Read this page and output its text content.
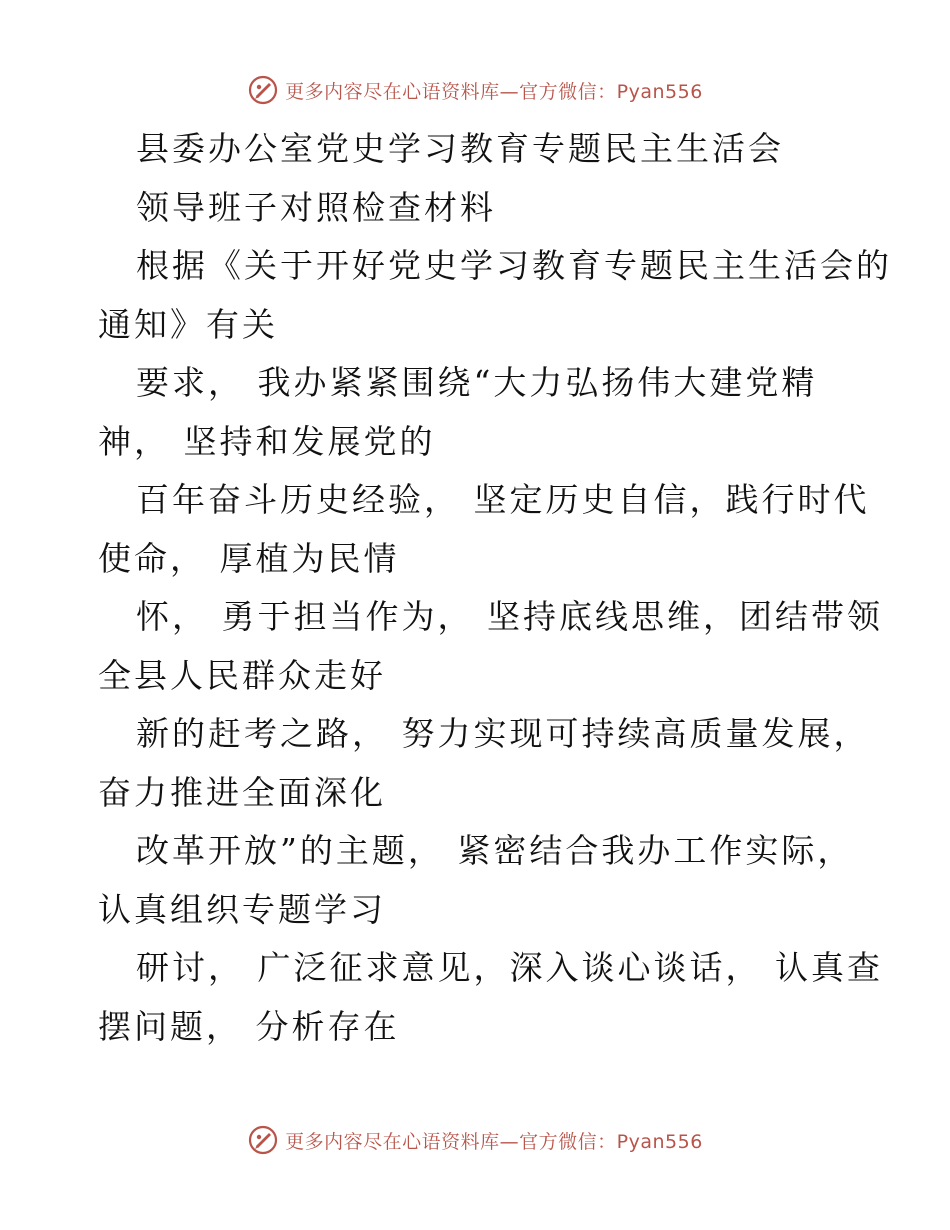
更多内容尽在心语资料库—官方微信：Pyan556
县委办公室党史学习教育专题民主生活会
领导班子对照检查材料
根据《关于开好党史学习教育专题民主生活会的
通知》有关
要求， 我办紧紧围绕“大力弘扬伟大建党精
神， 坚持和发展党的
百年奋斗历史经验， 坚定历史自信，践行时代
使命， 厚植为民情
怀， 勇于担当作为， 坚持底线思维，团结带领
全县人民群众走好
新的赶考之路， 努力实现可持续高质量发展，
奋力推进全面深化
改革开放”的主题， 紧密结合我办工作实际，
认真组织专题学习
研讨， 广泛征求意见，深入谈心谈话， 认真查
摆问题， 分析存在
更多内容尽在心语资料库—官方微信：Pyan556
